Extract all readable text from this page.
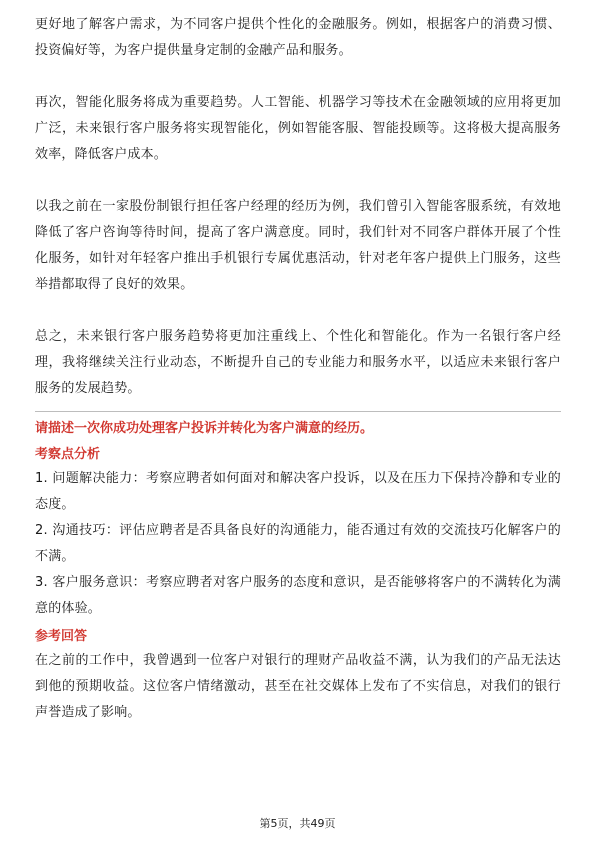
更好地了解客户需求，为不同客户提供个性化的金融服务。例如，根据客户的消费习惯、投资偏好等，为客户提供量身定制的金融产品和服务。

再次，智能化服务将成为重要趋势。人工智能、机器学习等技术在金融领域的应用将更加广泛，未来银行客户服务将实现智能化，例如智能客服、智能投顾等。这将极大提高服务效率，降低客户成本。

以我之前在一家股份制银行担任客户经理的经历为例，我们曾引入智能客服系统，有效地降低了客户咨询等待时间，提高了客户满意度。同时，我们针对不同客户群体开展了个性化服务，如针对年轻客户推出手机银行专属优惠活动，针对老年客户提供上门服务，这些举措都取得了良好的效果。

总之，未来银行客户服务趋势将更加注重线上、个性化和智能化。作为一名银行客户经理，我将继续关注行业动态，不断提升自己的专业能力和服务水平，以适应未来银行客户服务的发展趋势。

请描述一次你成功处理客户投诉并转化为客户满意的经历。

考察点分析

1. 问题解决能力：考察应聘者如何面对和解决客户投诉，以及在压力下保持冷静和专业的态度。

2. 沟通技巧：评估应聘者是否具备良好的沟通能力，能否通过有效的交流技巧化解客户的不满。

3. 客户服务意识：考察应聘者对客户服务的态度和意识，是否能够将客户的不满转化为满意的体验。

参考回答

在之前的工作中，我曾遇到一位客户对银行的理财产品收益不满，认为我们的产品无法达到他的预期收益。这位客户情绪激动，甚至在社交媒体上发布了不实信息，对我们的银行声誉造成了影响。

第5页，共49页
